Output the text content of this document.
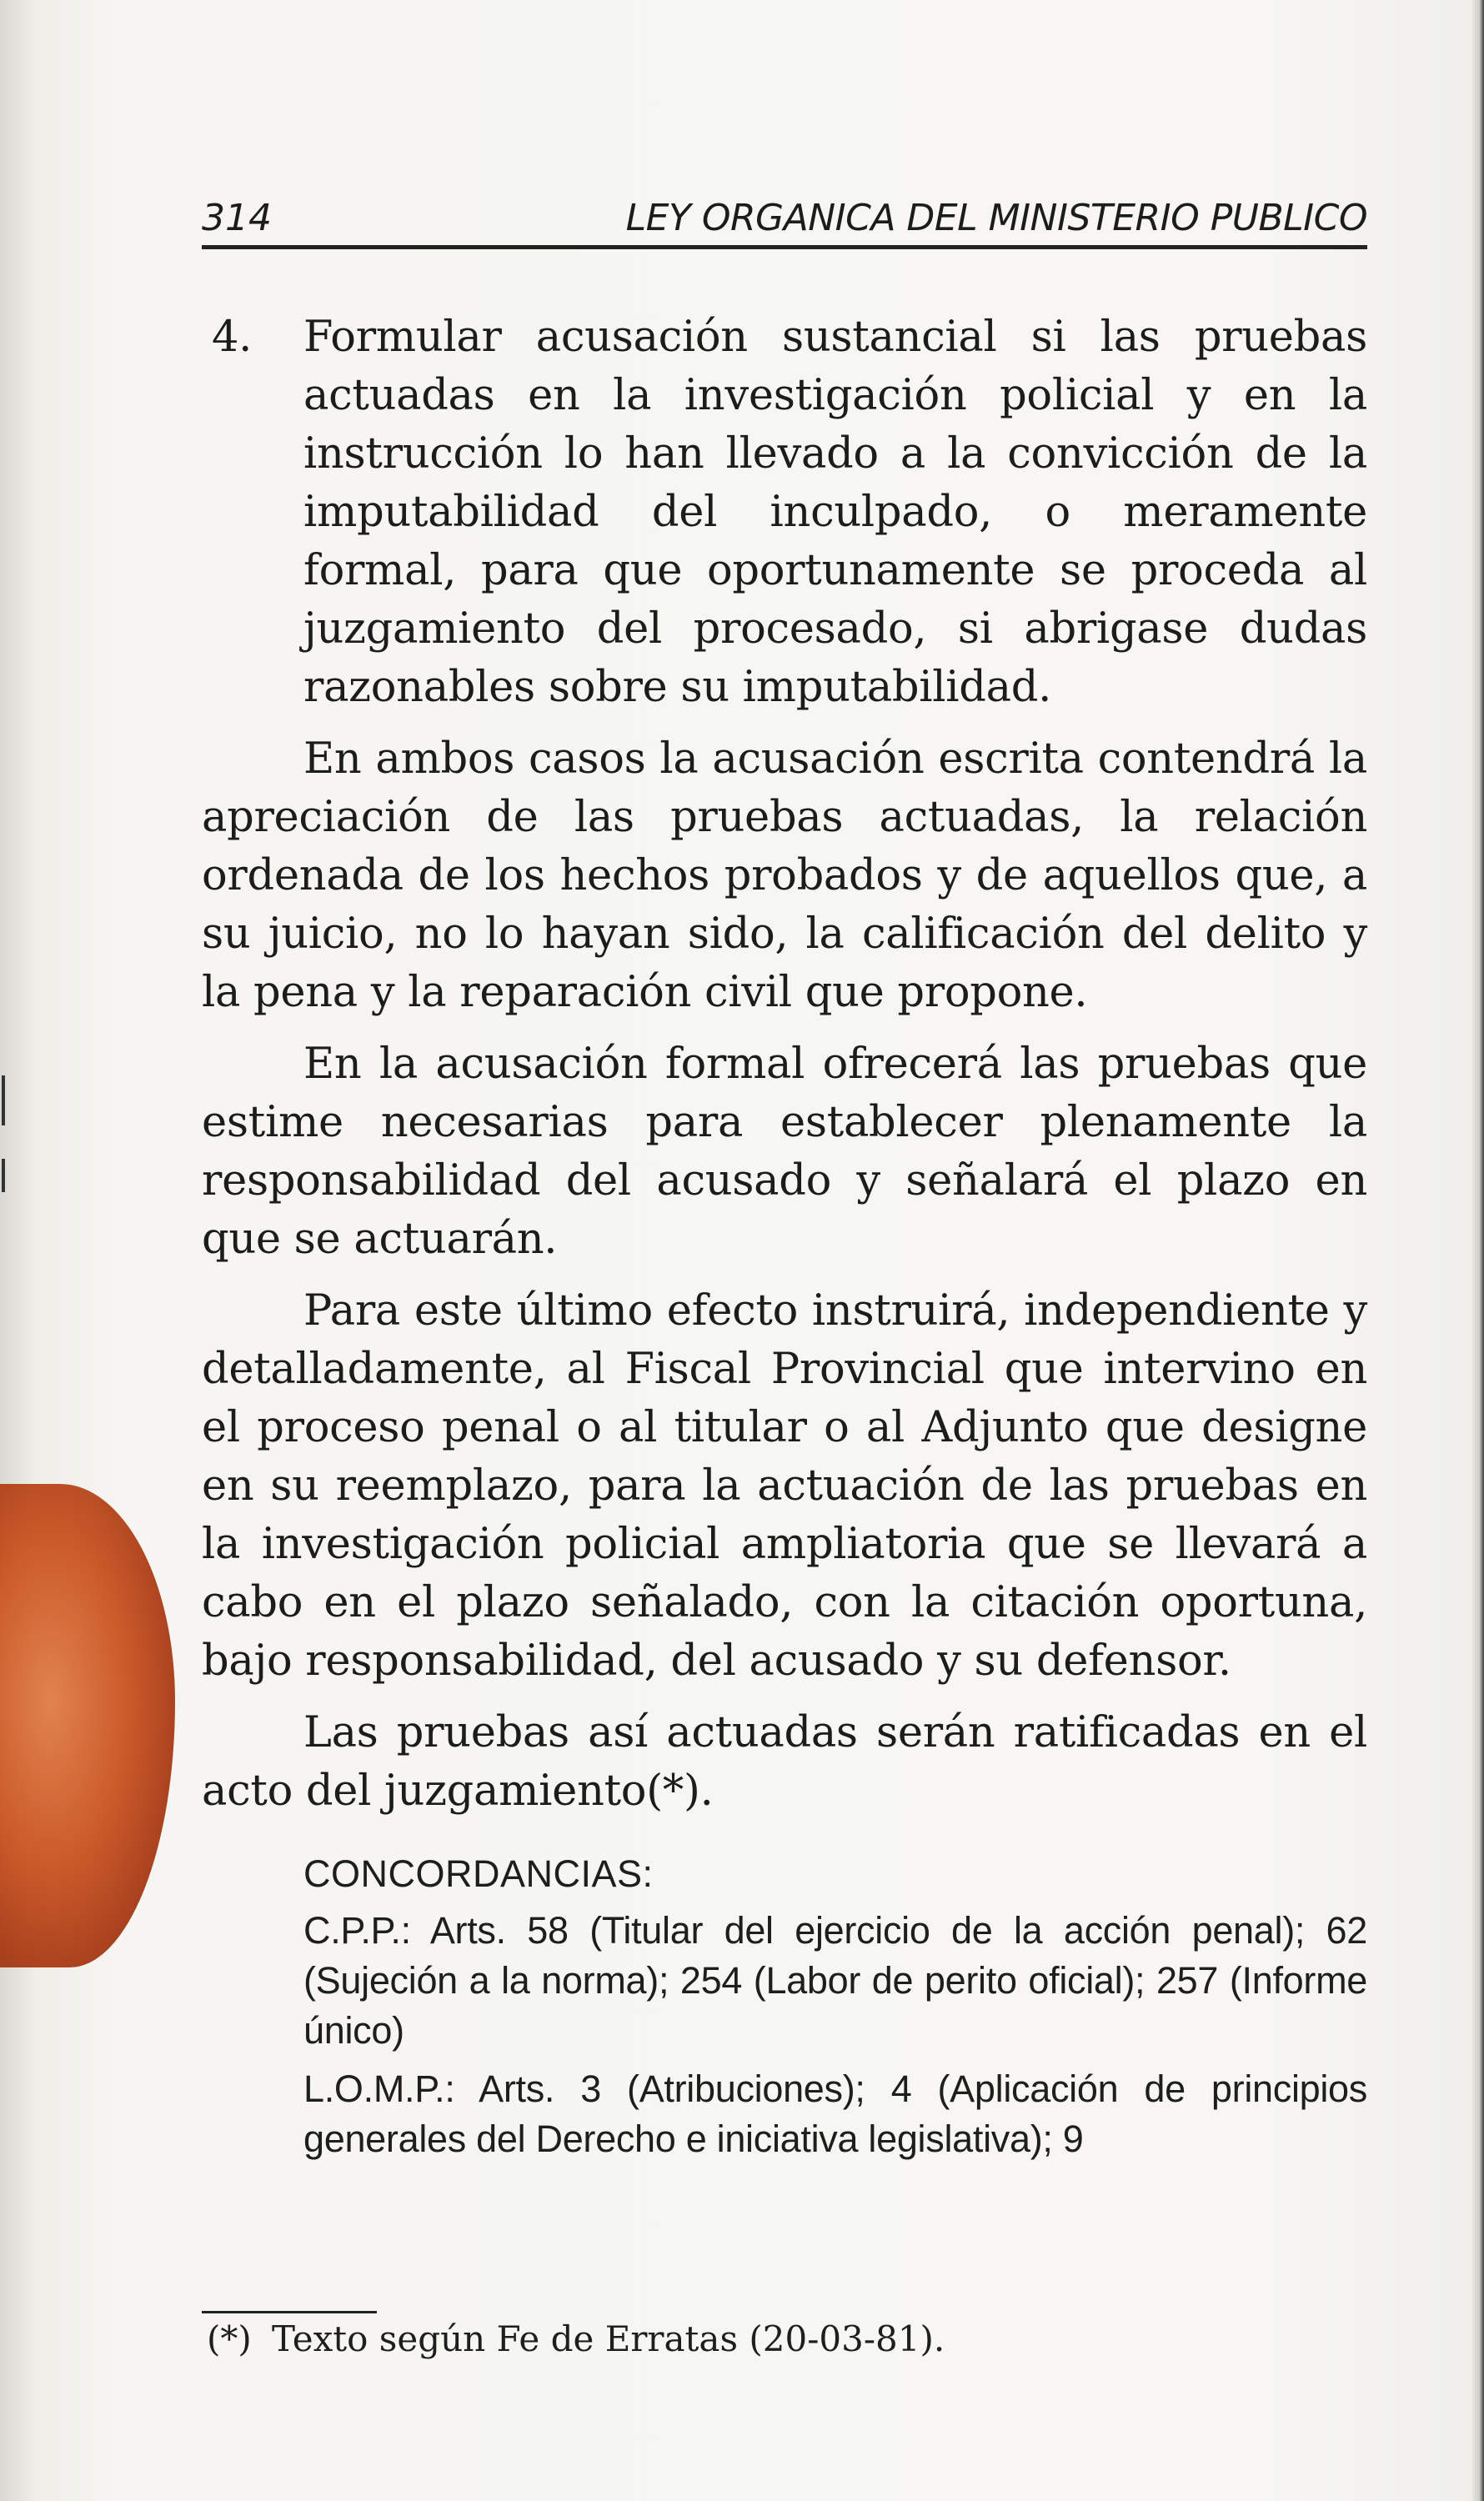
314	LEY ORGANICA DEL MINISTERIO PUBLICO
4. Formular acusación sustancial si las pruebas actuadas en la investigación policial y en la instrucción lo han llevado a la convicción de la imputabilidad del inculpado, o meramente formal, para que oportunamente se proceda al juzgamiento del procesado, si abrigase dudas razonables sobre su imputabilidad.

En ambos casos la acusación escrita contendrá la apreciación de las pruebas actuadas, la relación ordenada de los hechos probados y de aquellos que, a su juicio, no lo hayan sido, la calificación del delito y la pena y la reparación civil que propone.

En la acusación formal ofrecerá las pruebas que estime necesarias para establecer plenamente la responsabilidad del acusado y señalará el plazo en que se actuarán.

Para este último efecto instruirá, independiente y detalladamente, al Fiscal Provincial que intervino en el proceso penal o al titular o al Adjunto que designe en su reemplazo, para la actuación de las pruebas en la investigación policial ampliatoria que se llevará a cabo en el plazo señalado, con la citación oportuna, bajo responsabilidad, del acusado y su defensor.

Las pruebas así actuadas serán ratificadas en el acto del juzgamiento(*).

CONCORDANCIAS:

C.P.P.: Arts. 58 (Titular del ejercicio de la acción penal); 62 (Sujeción a la norma); 254 (Labor de perito oficial); 257 (Informe único)

L.O.M.P.: Arts. 3 (Atribuciones); 4 (Aplicación de principios generales del Derecho e iniciativa legislativa); 9

(*) Texto según Fe de Erratas (20-03-81).
